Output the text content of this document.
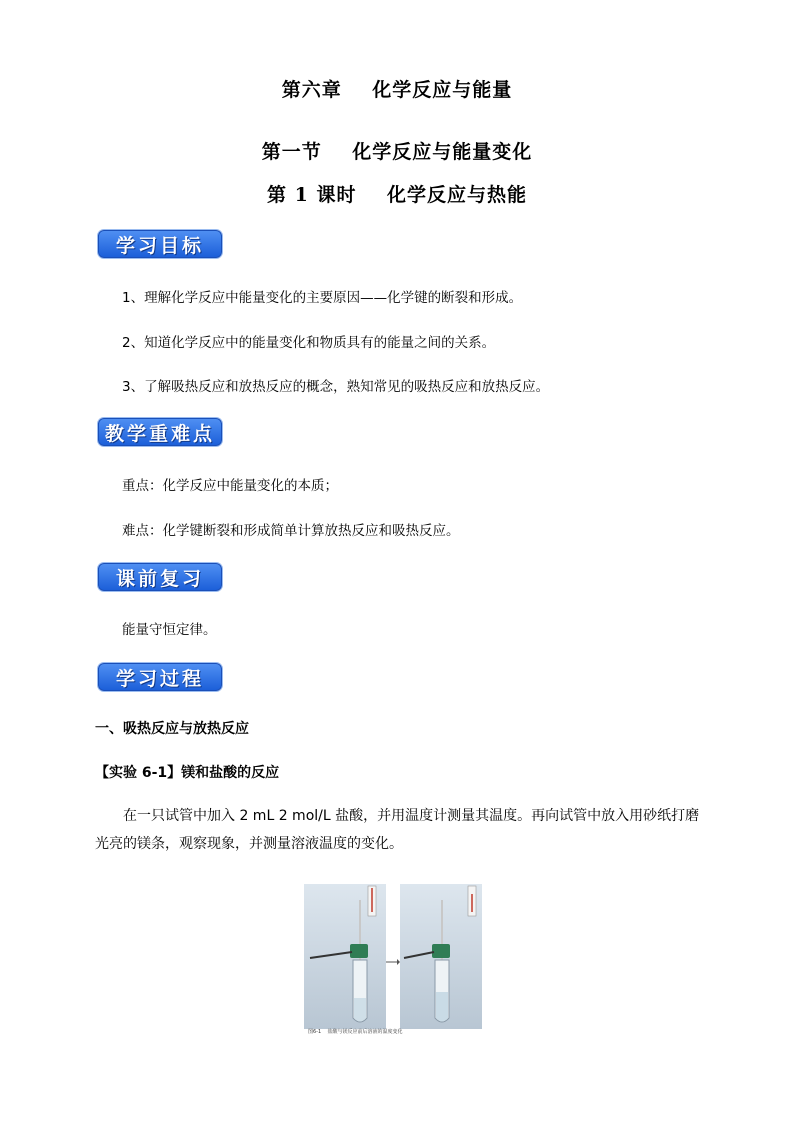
第六章    化学反应与能量
第一节    化学反应与能量变化
第 1 课时    化学反应与热能
学习目标
1、理解化学反应中能量变化的主要原因——化学键的断裂和形成。
2、知道化学反应中的能量变化和物质具有的能量之间的关系。
3、了解吸热反应和放热反应的概念，熟知常见的吸热反应和放热反应。
教学重难点
重点：化学反应中能量变化的本质；
难点：化学键断裂和形成简单计算放热反应和吸热反应。
课前复习
能量守恒定律。
学习过程
一、吸热反应与放热反应
【实验 6-1】镁和盐酸的反应
在一只试管中加入 2 mL 2 mol/L 盐酸，并用温度计测量其温度。再向试管中放入用砂纸打磨光亮的镁条，观察现象，并测量溶液温度的变化。
图6-1    盐酸与镁反应前后溶液的温度变化
